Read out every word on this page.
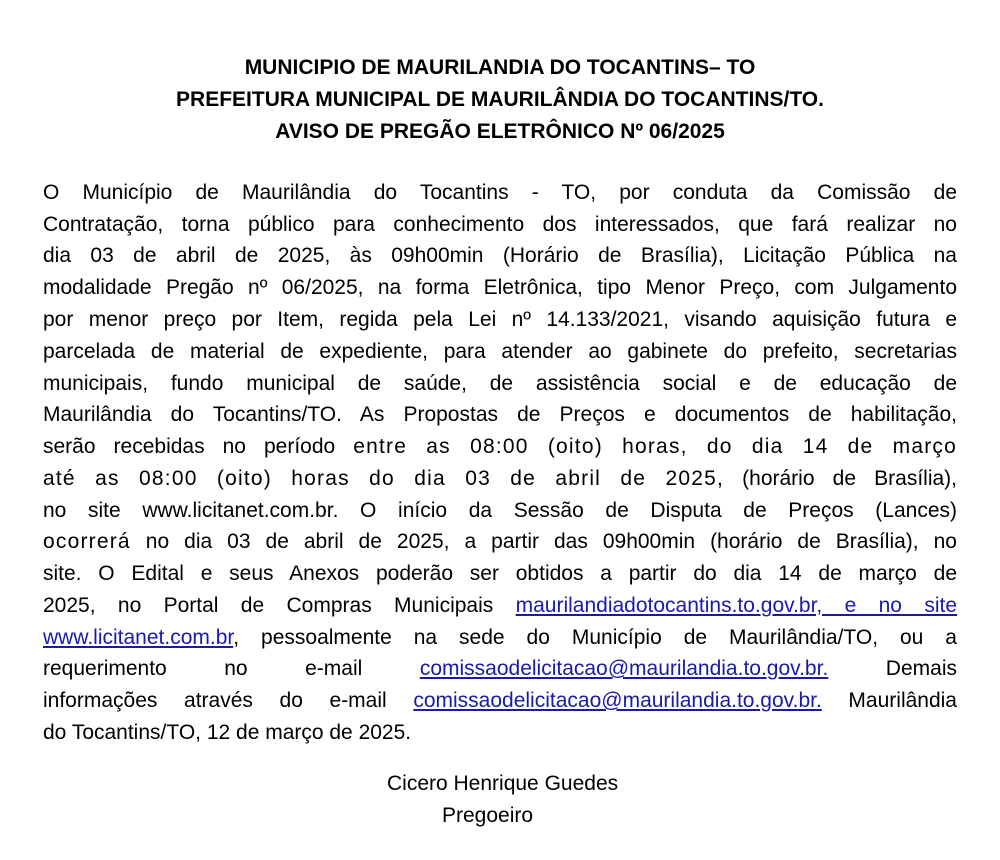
MUNICIPIO DE MAURILANDIA DO TOCANTINS– TO
PREFEITURA MUNICIPAL DE MAURILÂNDIA DO TOCANTINS/TO.
AVISO DE PREGÃO ELETRÔNICO Nº 06/2025
O Município de Maurilândia do Tocantins - TO, por conduta da Comissão de
Contratação, torna público para conhecimento dos interessados, que fará realizar no
dia 03 de abril de 2025, às 09h00min (Horário de Brasília), Licitação Pública na
modalidade Pregão nº 06/2025, na forma Eletrônica, tipo Menor Preço, com Julgamento
por menor preço por Item, regida pela Lei nº 14.133/2021, visando aquisição futura e
parcelada de material de expediente, para atender ao gabinete do prefeito, secretarias
municipais, fundo municipal de saúde, de assistência social e de educação de
Maurilândia do Tocantins/TO. As Propostas de Preços e documentos de habilitação,
serão recebidas no período entre as 08:00 (oito) horas, do dia 14 de março
até as 08:00 (oito) horas do dia 03 de abril de 2025, (horário de Brasília),
no site www.licitanet.com.br. O início da Sessão de Disputa de Preços (Lances)
ocorrerá no dia 03 de abril de 2025, a partir das 09h00min (horário de Brasília), no
site. O Edital e seus Anexos poderão ser obtidos a partir do dia 14 de março de
2025, no Portal de Compras Municipais maurilandiadotocantins.to.gov.br, e no site
www.licitanet.com.br, pessoalmente na sede do Município de Maurilândia/TO, ou a
requerimento no e-mail comissaodelicitacao@maurilandia.to.gov.br. Demais
informações através do e-mail comissaodelicitacao@maurilandia.to.gov.br. Maurilândia
do Tocantins/TO, 12 de março de 2025.
Cicero Henrique Guedes
Pregoeiro
